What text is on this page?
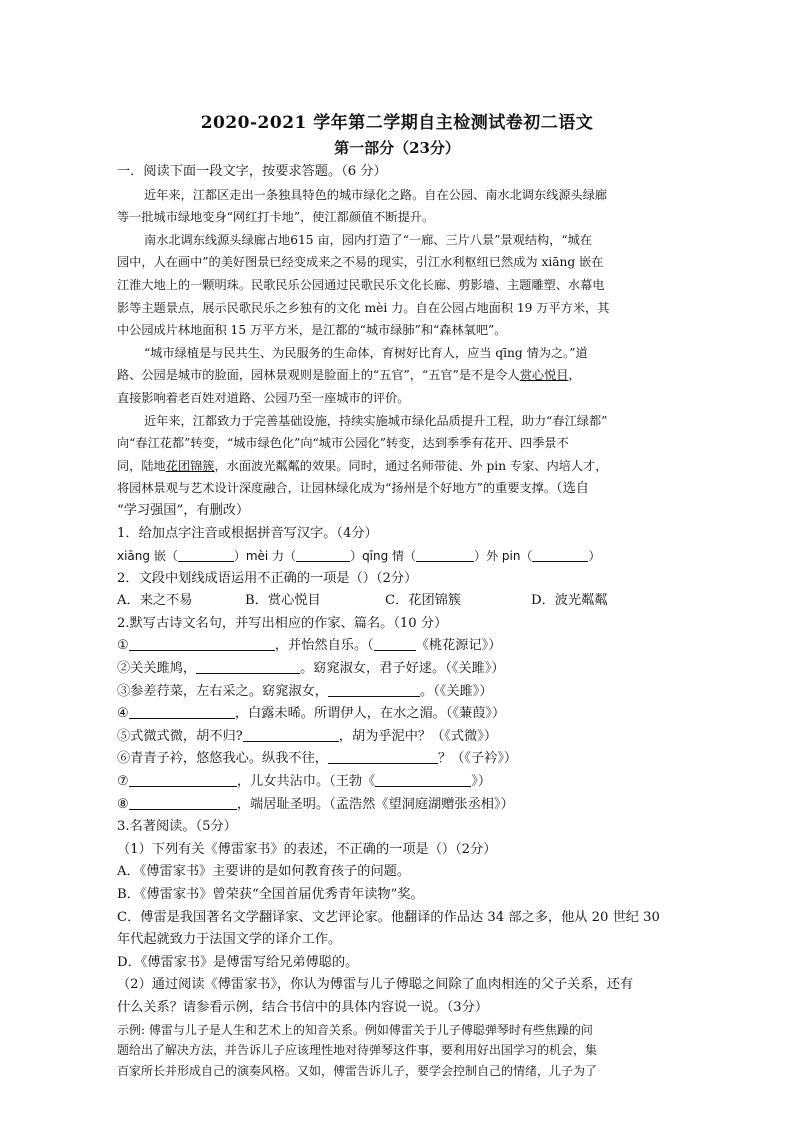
2020-2021 学年第二学期自主检测试卷初二语文
第一部分（23分）
一．阅读下面一段文字，按要求答题。（6 分）
近年来，江都区走出一条独具特色的城市绿化之路。自在公园、南水北调东线源头绿廊
等一批城市绿地变身“网红打卡地”，使江都颜值不断提升。
南水北调东线源头绿廊占地615 亩，园内打造了“一廊、三片八景”景观结构，“城在
园中，人在画中”的美好图景已经变成来之不易的现实，引江水利枢纽已然成为 xiāng 嵌在
江淮大地上的一颗明珠。民歌民乐公园通过民歌民乐文化长廊、剪影墙、主题雕塑、水幕电
影等主题景点，展示民歌民乐之乡独有的文化 mèi 力。自在公园占地面积 19 万平方米，其
中公园成片林地面积 15 万平方米，是江都的“城市绿肺”和“森林氧吧”。
“城市绿植是与民共生、为民服务的生命体，育树好比育人，应当 qīng 情为之。”道
路、公园是城市的脸面，园林景观则是脸面上的“五官”，“五官”是不是令人赏心悦目，
直接影响着老百姓对道路、公园乃至一座城市的评价。
近年来，江都致力于完善基础设施，持续实施城市绿化品质提升工程，助力“春江绿都”
向“春江花都”转变，“城市绿色化”向“城市公园化”转变，达到季季有花开、四季景不
同，陆地花团锦簇，水面波光粼粼的效果。同时，通过名师带徒、外 pin 专家、内培人才，
将园林景观与艺术设计深度融合，让园林绿化成为“扬州是个好地方”的重要支撑。（选自
“学习强国”，有删改）
1．给加点字注音或根据拼音写汉字。（4分）
xiāng 嵌（	）mèi 力（	）qīng 情（	）外 pin（	）
2．文段中划线成语运用不正确的一项是（）（2分）
A．来之不易	B．赏心悦目	C．花团锦簇	D．波光粼粼
2.默写古诗文名句，并写出相应的作家、篇名。（10 分）
①	，并怡然自乐。（	《桃花源记》）
②关关雎鸠，	。窈窕淑女，君子好逑。（《关雎》）
③参差荇菜，左右采之。窈窕淑女，	。（《关雎》）
④	，白露未晞。所谓伊人，在水之湄。（《蒹葭》）
⑤式微式微，胡不归?	，胡为乎泥中？（《式微》）
⑥青青子衿，悠悠我心。纵我不往，	？（《子衿》）
⑦	，儿女共沾巾。（王勃《	》）
⑧	，端居耻圣明。（孟浩然《望洞庭湖赠张丞相》）
3.名著阅读。（5分）
（1）下列有关《傅雷家书》的表述，不正确的一项是（）（2分）
A．《傅雷家书》主要讲的是如何教育孩子的问题。
B．《傅雷家书》曾荣获“全国首届优秀青年读物”奖。
C．傅雷是我国著名文学翻译家、文艺评论家。他翻译的作品达 34 部之多，他从 20 世纪 30
年代起就致力于法国文学的译介工作。
D．《傅雷家书》是傅雷写给兄弟傅聪的。
（2）通过阅读《傅雷家书》，你认为傅雷与儿子傅聪之间除了血肉相连的父子关系，还有
什么关系？请参看示例，结合书信中的具体内容说一说。（3分）
示例: 傅雷与儿子是人生和艺术上的知音关系。例如傅雷关于儿子傅聪弹琴时有些焦躁的问
题给出了解决方法，并告诉儿子应该理性地对待弹琴这件事，要利用好出国学习的机会，集
百家所长并形成自己的演奏风格。又如，傅雷告诉儿子，要学会控制自己的情绪，儿子为了
